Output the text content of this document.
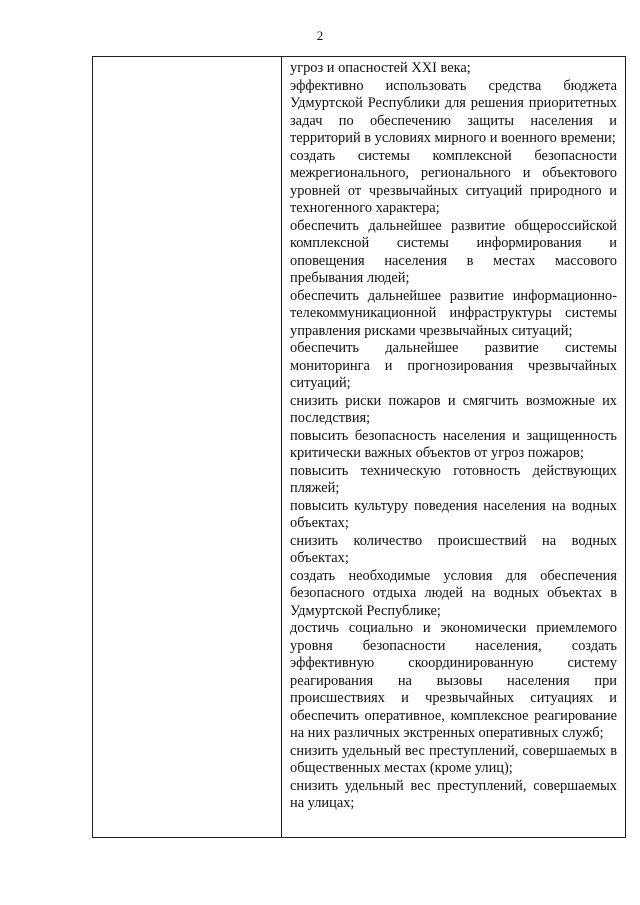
2

угроз и опасностей XXI века;

эффективно использовать средства бюджета Удмуртской Республики для решения приоритетных задач по обеспечению защиты населения и территорий в условиях мирного и военного времени;

создать системы комплексной безопасности межрегионального, регионального и объектового уровней от чрезвычайных ситуаций природного и техногенного характера;

обеспечить дальнейшее развитие общероссийской комплексной системы информирования и оповещения населения в местах массового пребывания людей;

обеспечить дальнейшее развитие информационно-телекоммуникационной инфраструктуры системы управления рисками чрезвычайных ситуаций;

обеспечить дальнейшее развитие системы мониторинга и прогнозирования чрезвычайных ситуаций;

снизить риски пожаров и смягчить возможные их последствия;

повысить безопасность населения и защищенность критически важных объектов от угроз пожаров;

повысить техническую готовность действующих пляжей;

повысить культуру поведения населения на водных объектах;

снизить количество происшествий на водных объектах;

создать необходимые условия для обеспечения безопасного отдыха людей на водных объектах в Удмуртской Республике;

достичь социально и экономически приемлемого уровня безопасности населения, создать эффективную скоординированную систему реагирования на вызовы населения при происшествиях и чрезвычайных ситуациях и обеспечить оперативное, комплексное реагирование на них различных экстренных оперативных служб;

снизить удельный вес преступлений, совершаемых в общественных местах (кроме улиц);

снизить удельный вес преступлений, совершаемых на улицах;
